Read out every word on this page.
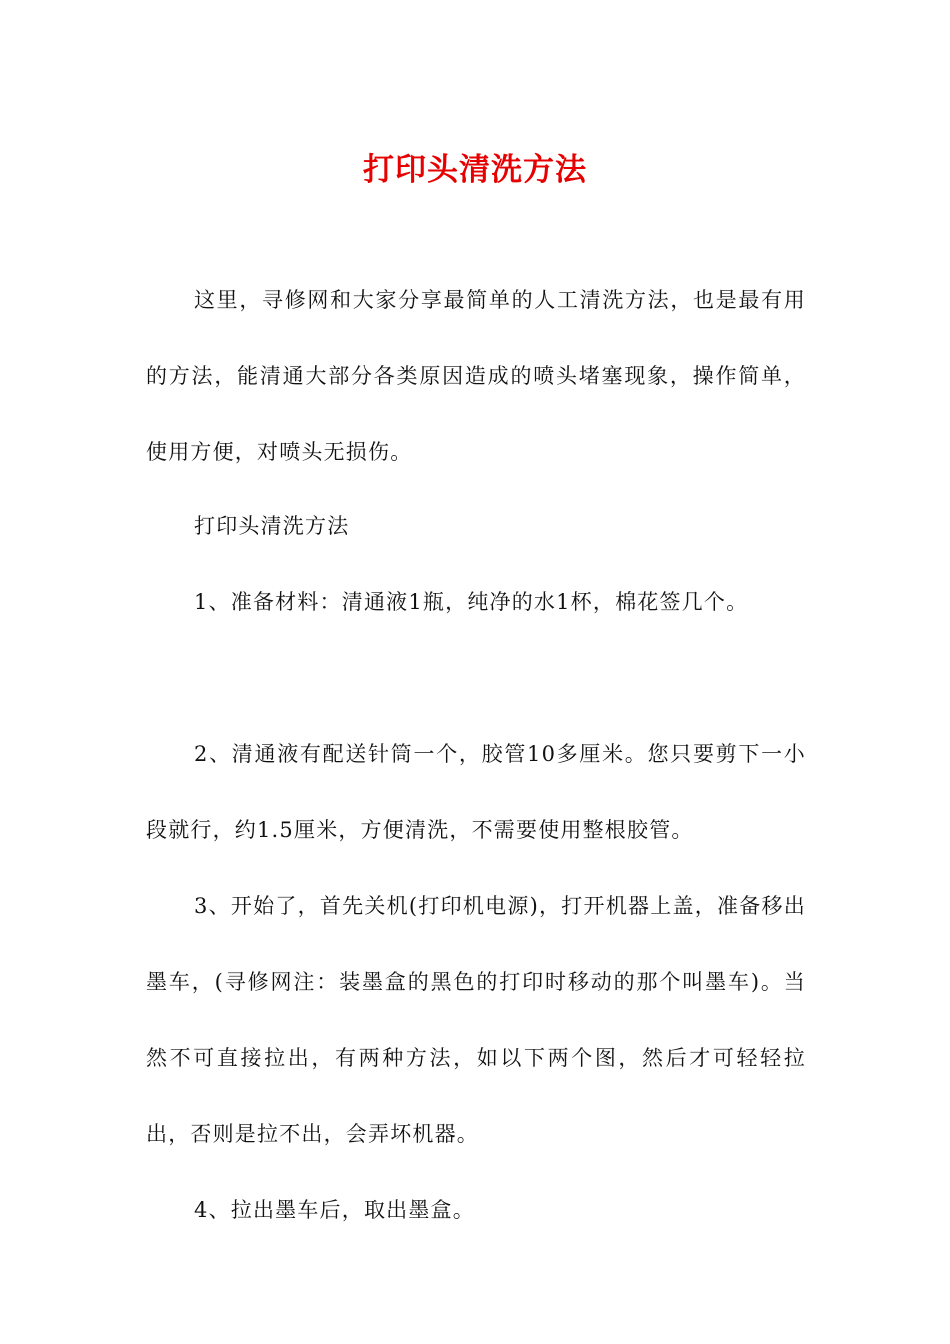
打印头清洗方法

这里，寻修网和大家分享最简单的人工清洗方法，也是最有用的方法，能清通大部分各类原因造成的喷头堵塞现象，操作简单，使用方便，对喷头无损伤。

打印头清洗方法

1、准备材料：清通液1瓶，纯净的水1杯，棉花签几个。

2、清通液有配送针筒一个，胶管10多厘米。您只要剪下一小段就行，约1.5厘米，方便清洗，不需要使用整根胶管。

3、开始了，首先关机(打印机电源)，打开机器上盖，准备移出墨车，(寻修网注：装墨盒的黑色的打印时移动的那个叫墨车)。当然不可直接拉出，有两种方法，如以下两个图，然后才可轻轻拉出，否则是拉不出，会弄坏机器。

4、拉出墨车后，取出墨盒。
